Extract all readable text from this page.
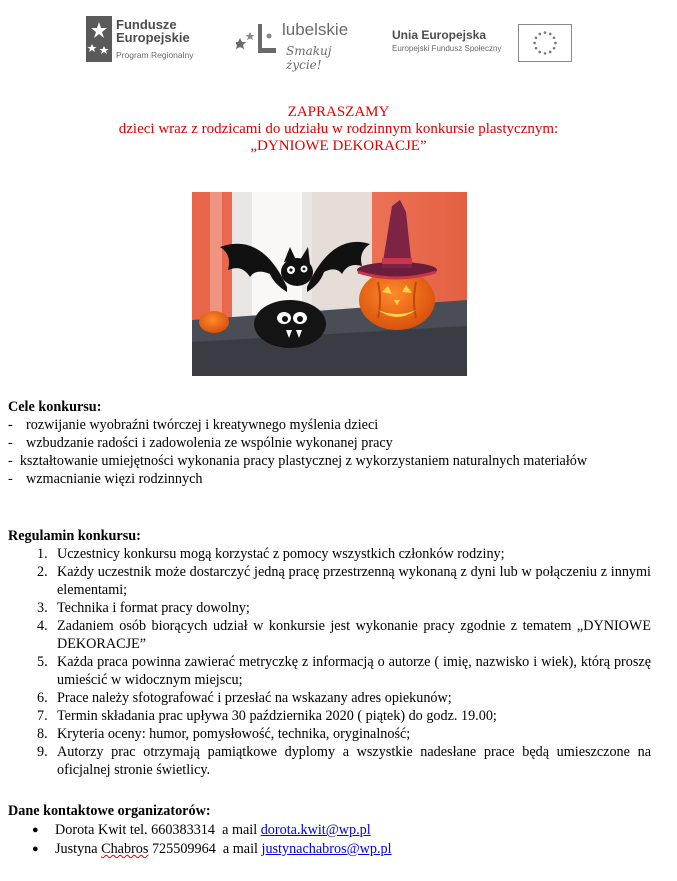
Fundusze
Europejskie
Program Regionalny
lubelskie
Smakuj życie!
Unia Europejska
Europejski Fundusz Społeczny
ZAPRASZAMY
dzieci wraz z rodzicami do udziału w rodzinnym konkursie plastycznym:
„DYNIOWE DEKORACJE”
Cele konkursu:
- rozwijanie wyobraźni twórczej i kreatywnego myślenia dzieci
- wzbudzanie radości i zadowolenia ze wspólnie wykonanej pracy
-  kształtowanie umiejętności wykonania pracy plastycznej z wykorzystaniem naturalnych materiałów
- wzmacnianie więzi rodzinnych
Regulamin konkursu:
1. Uczestnicy konkursu mogą korzystać z pomocy wszystkich członków rodziny;
2. Każdy uczestnik może dostarczyć jedną pracę przestrzenną wykonaną z dyni lub w połączeniu z innymi elementami;
3. Technika i format pracy dowolny;
4. Zadaniem osób biorących udział w konkursie jest wykonanie pracy zgodnie z tematem „DYNIOWE DEKORACJE”
5. Każda praca powinna zawierać metryczkę z informacją o autorze ( imię, nazwisko i wiek), którą proszę umieścić w widocznym miejscu;
6. Prace należy sfotografować i przesłać na wskazany adres opiekunów;
7. Termin składania prac upływa 30 października 2020 ( piątek) do godz. 19.00;
8. Kryteria oceny: humor, pomysłowość, technika, oryginalność;
9. Autorzy prac otrzymają pamiątkowe dyplomy a wszystkie nadesłane prace będą umieszczone na oficjalnej stronie świetlicy.
Dane kontaktowe organizatorów:
●	Dorota Kwit tel. 660383314 a mail dorota.kwit@wp.pl
●	Justyna Chabros 725509964 a mail justynachabros@wp.pl
